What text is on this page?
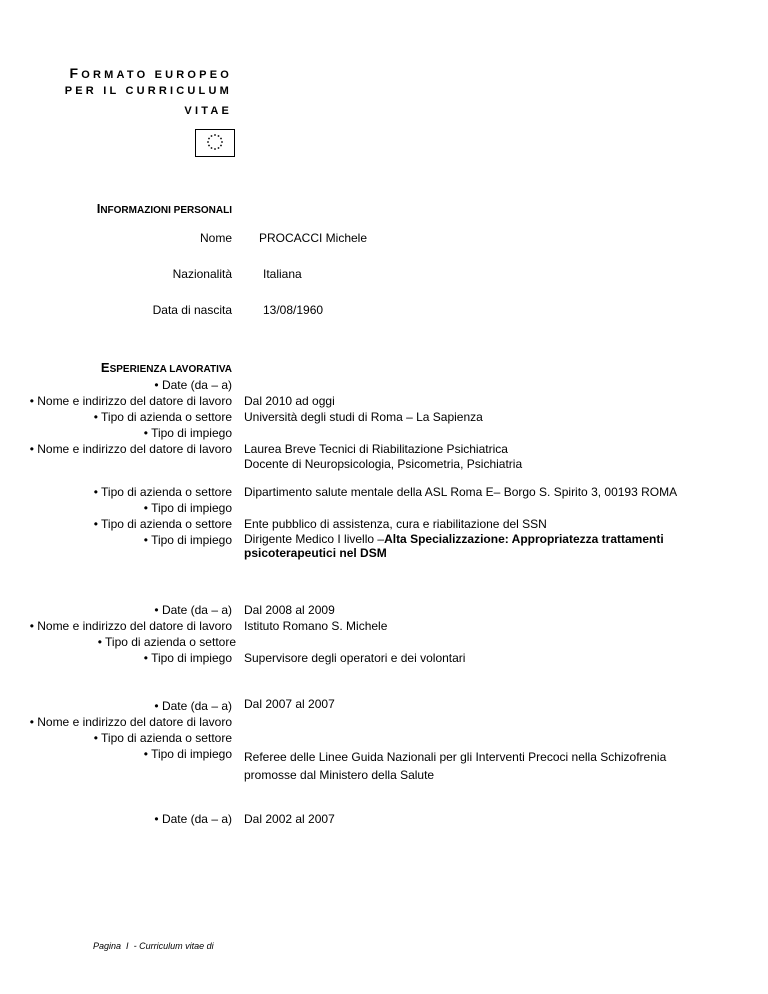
FORMATO EUROPEO
PER IL CURRICULUM
VITAE
INFORMAZIONI PERSONALI
Nome PROCACCI Michele
Nazionalità	Italiana
Data di nascita	13/08/1960
ESPERIENZA LAVORATIVA
• Date (da – a)
• Nome e indirizzo del datore di lavoro
• Tipo di azienda o settore
• Tipo di impiego
• Nome e indirizzo del datore di lavoro
Dal 2010 ad oggi
Università degli studi di Roma – La Sapienza
Laurea Breve Tecnici di Riabilitazione Psichiatrica
Docente di Neuropsicologia, Psicometria, Psichiatria
• Tipo di azienda o settore
• Tipo di impiego
• Tipo di azienda o settore
• Tipo di impiego
Dipartimento salute mentale della ASL Roma E– Borgo S. Spirito 3, 00193 ROMA
Ente pubblico di assistenza, cura e riabilitazione del SSN
Dirigente Medico I livello –Alta Specializzazione: Appropriatezza trattamenti psicoterapeutici nel DSM
• Date (da – a)
• Nome e indirizzo del datore di lavoro
• Tipo di azienda o settore
• Tipo di impiego
Dal 2008 al 2009
Istituto Romano S. Michele
Supervisore degli operatori e dei volontari
• Date (da – a)
• Nome e indirizzo del datore di lavoro
• Tipo di azienda o settore
• Tipo di impiego
Dal 2007 al 2007
Referee delle Linee Guida Nazionali per gli Interventi Precoci nella Schizofrenia promosse dal Ministero della Salute
• Date (da – a) Dal 2002 al 2007
Pagina I - Curriculum vitae di
